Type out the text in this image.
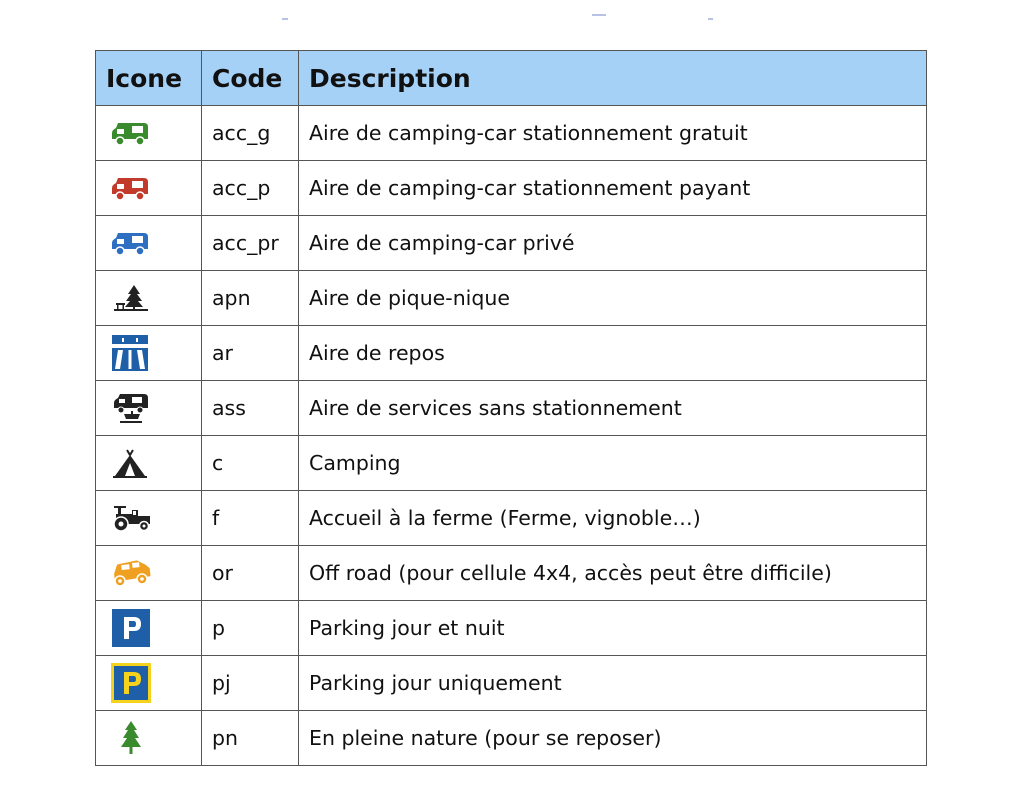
Icone	Code	Description

	acc_g	Aire de camping-car stationnement gratuit

	acc_p	Aire de camping-car stationnement payant

	acc_pr	Aire de camping-car privé

	apn	Aire de pique-nique

	ar	Aire de repos

	ass	Aire de services sans stationnement

	c	Camping

	f	Accueil à la ferme (Ferme, vignoble…)

	or	Off road (pour cellule 4x4, accès peut être difficile)

	p	Parking jour et nuit

	pj	Parking jour uniquement

	pn	En pleine nature (pour se reposer)
